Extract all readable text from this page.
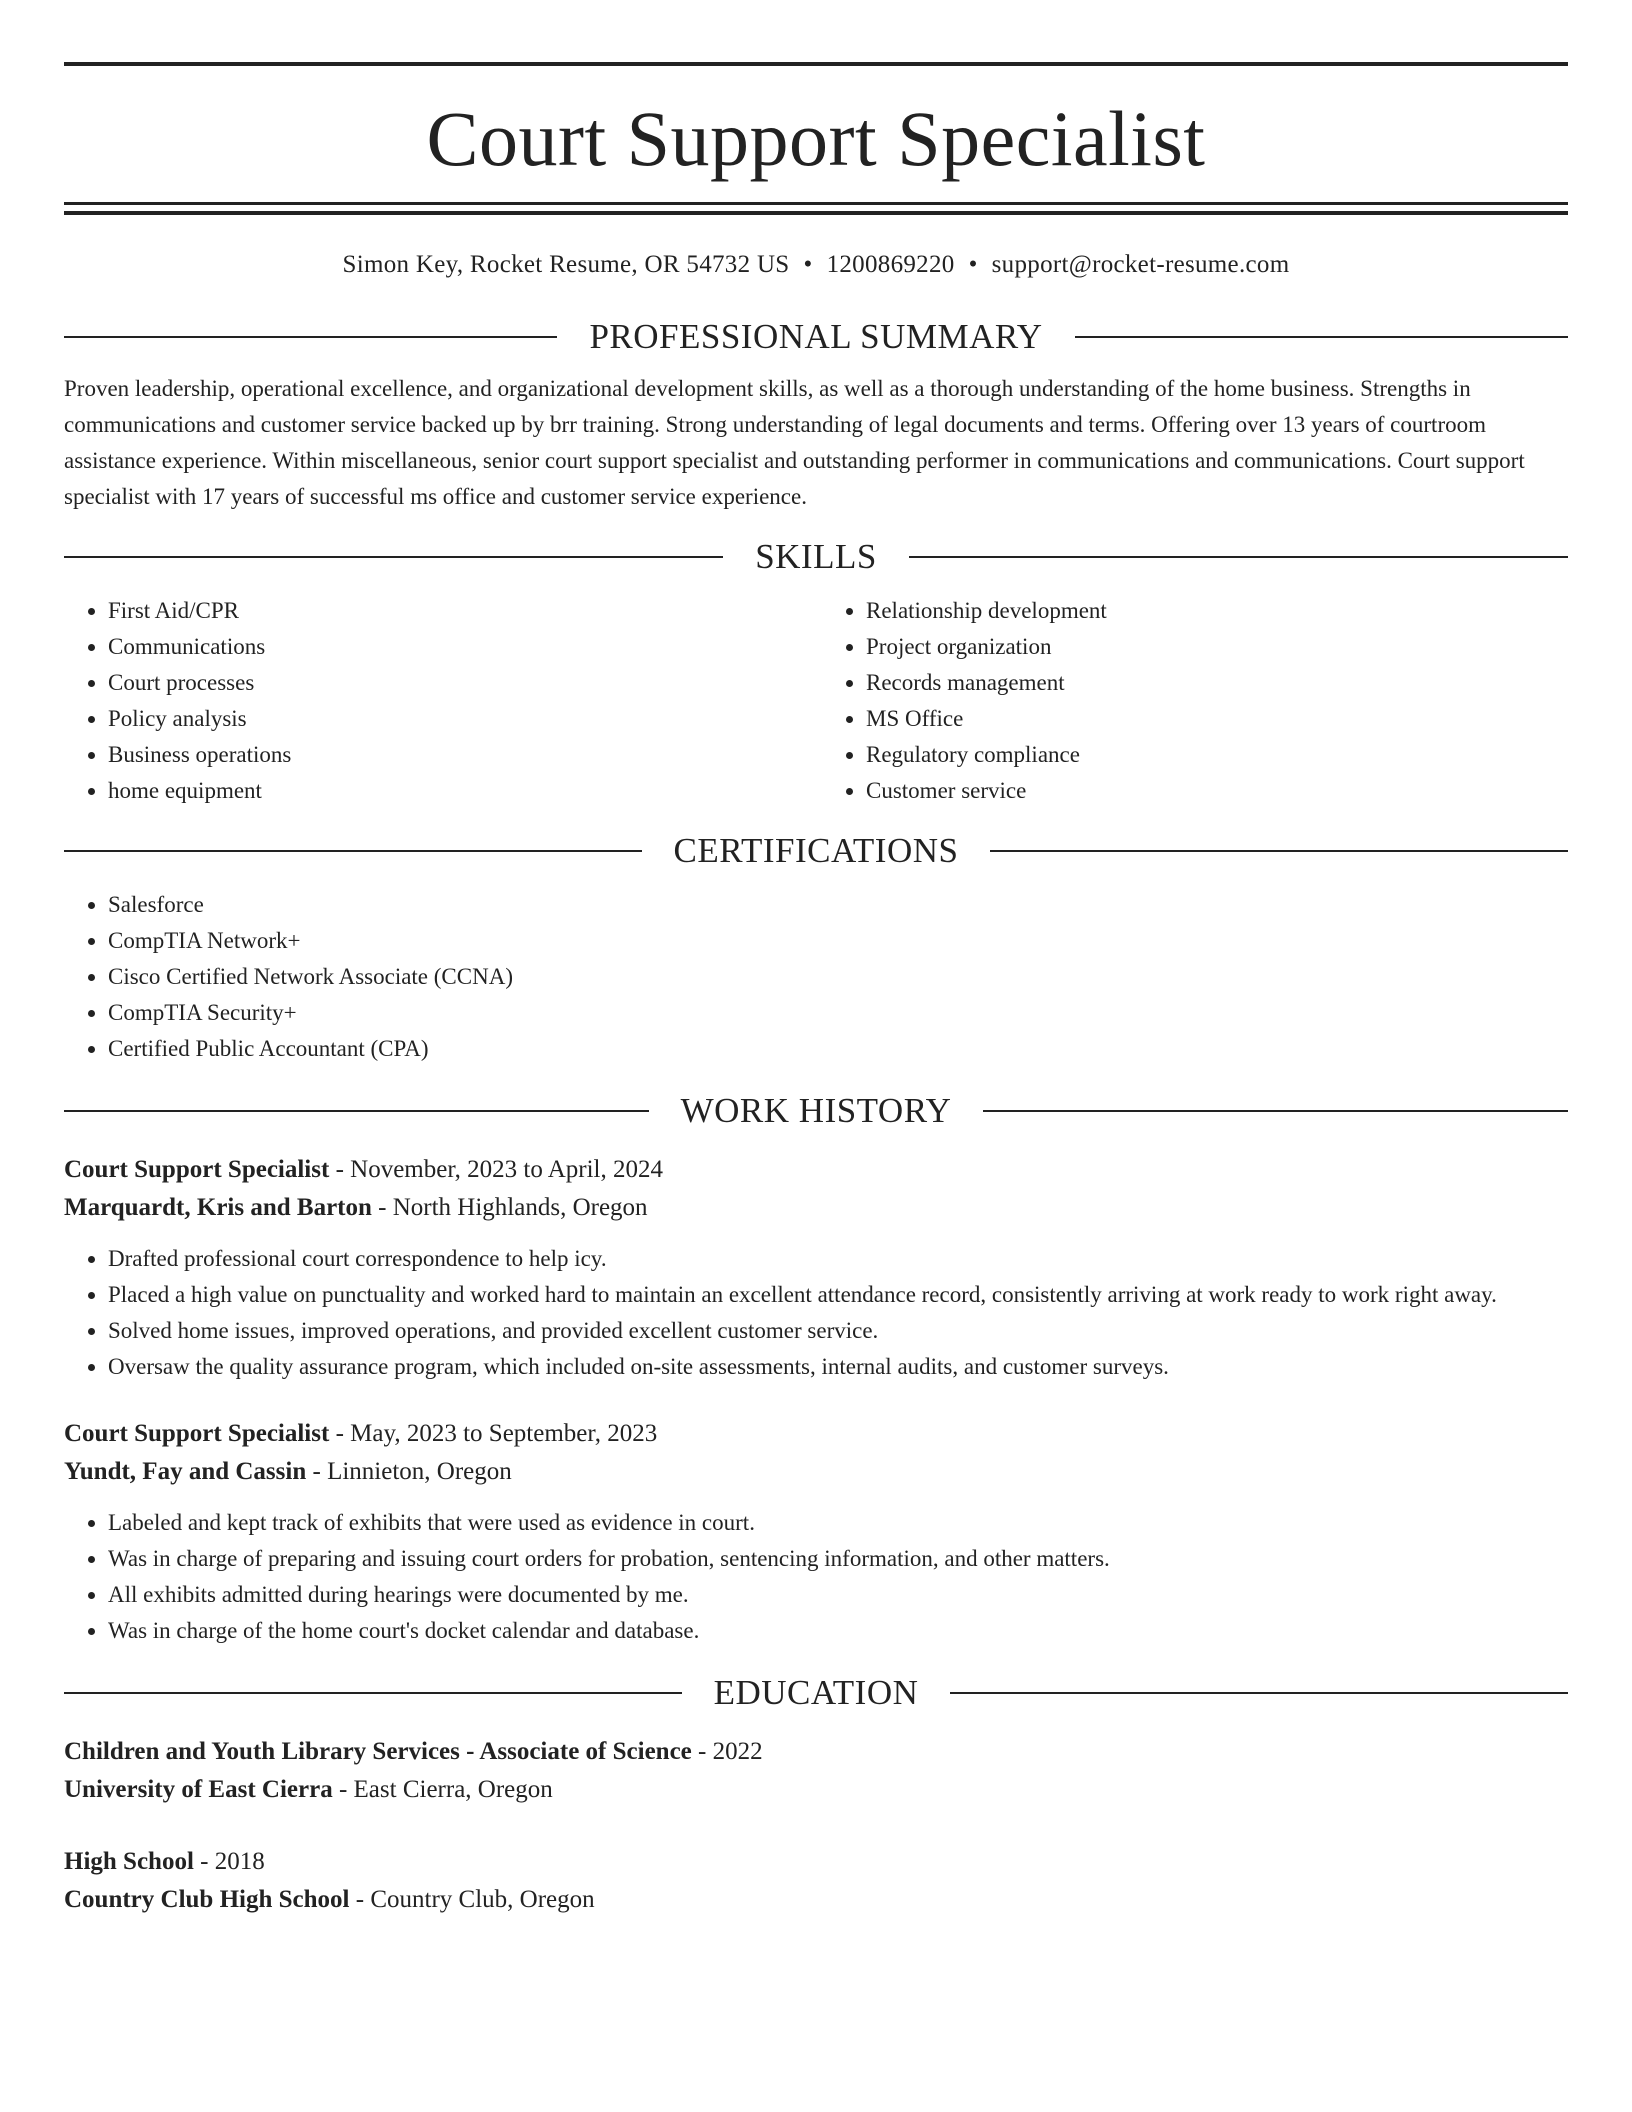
Court Support Specialist
Simon Key, Rocket Resume, OR 54732 US • 1200869220 • support@rocket-resume.com
PROFESSIONAL SUMMARY
Proven leadership, operational excellence, and organizational development skills, as well as a thorough understanding of the home business. Strengths in communications and customer service backed up by brr training. Strong understanding of legal documents and terms. Offering over 13 years of courtroom assistance experience. Within miscellaneous, senior court support specialist and outstanding performer in communications and communications. Court support specialist with 17 years of successful ms office and customer service experience.
SKILLS
• First Aid/CPR
• Communications
• Court processes
• Policy analysis
• Business operations
• home equipment
• Relationship development
• Project organization
• Records management
• MS Office
• Regulatory compliance
• Customer service
CERTIFICATIONS
• Salesforce
• CompTIA Network+
• Cisco Certified Network Associate (CCNA)
• CompTIA Security+
• Certified Public Accountant (CPA)
WORK HISTORY
Court Support Specialist - November, 2023 to April, 2024
Marquardt, Kris and Barton - North Highlands, Oregon
• Drafted professional court correspondence to help icy.
• Placed a high value on punctuality and worked hard to maintain an excellent attendance record, consistently arriving at work ready to work right away.
• Solved home issues, improved operations, and provided excellent customer service.
• Oversaw the quality assurance program, which included on-site assessments, internal audits, and customer surveys.
Court Support Specialist - May, 2023 to September, 2023
Yundt, Fay and Cassin - Linnieton, Oregon
• Labeled and kept track of exhibits that were used as evidence in court.
• Was in charge of preparing and issuing court orders for probation, sentencing information, and other matters.
• All exhibits admitted during hearings were documented by me.
• Was in charge of the home court's docket calendar and database.
EDUCATION
Children and Youth Library Services - Associate of Science - 2022
University of East Cierra - East Cierra, Oregon
High School - 2018
Country Club High School - Country Club, Oregon
